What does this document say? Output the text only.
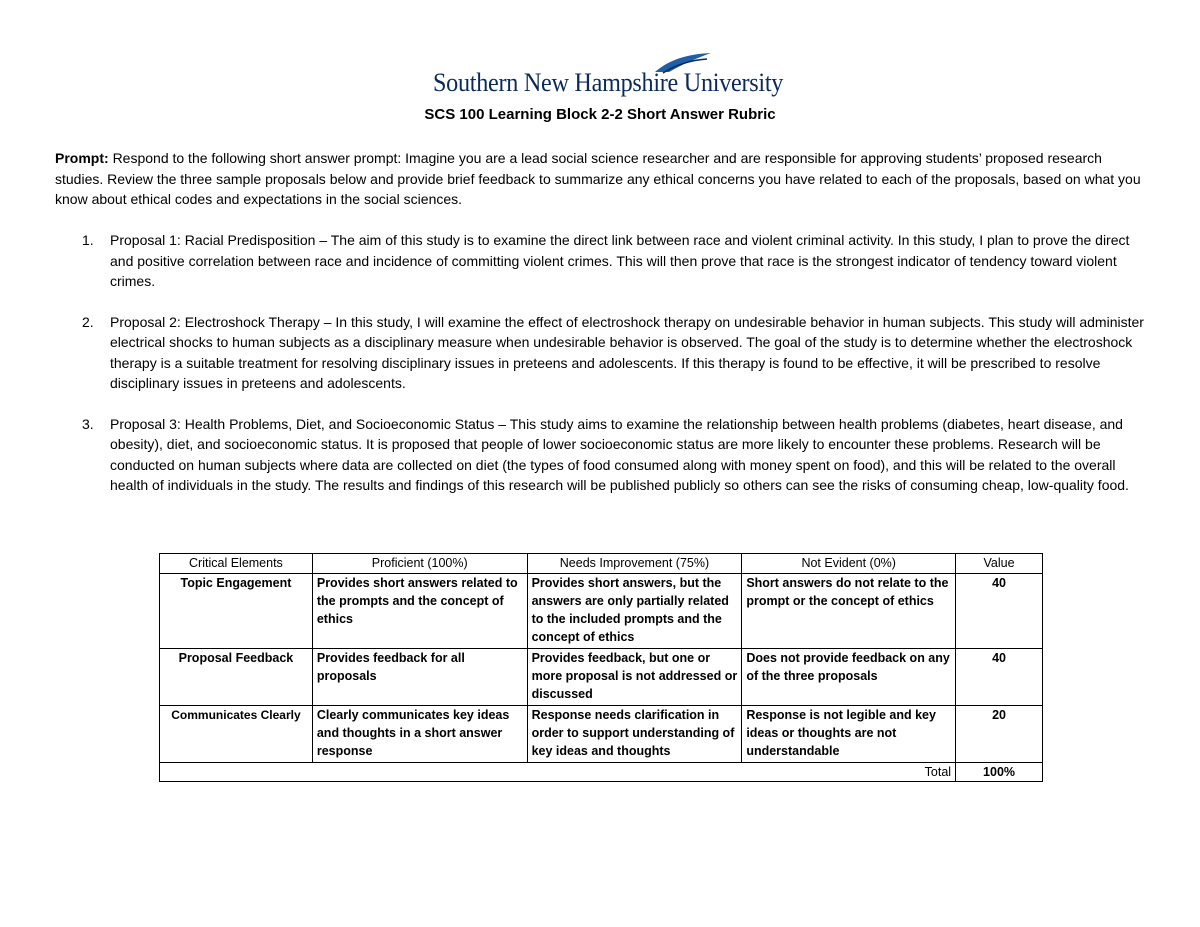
Southern New Hampshire University
SCS 100 Learning Block 2-2 Short Answer Rubric
Prompt: Respond to the following short answer prompt: Imagine you are a lead social science researcher and are responsible for approving students’ proposed research studies. Review the three sample proposals below and provide brief feedback to summarize any ethical concerns you have related to each of the proposals, based on what you know about ethical codes and expectations in the social sciences.
1. Proposal 1: Racial Predisposition – The aim of this study is to examine the direct link between race and violent criminal activity. In this study, I plan to prove the direct and positive correlation between race and incidence of committing violent crimes. This will then prove that race is the strongest indicator of tendency toward violent crimes.
2. Proposal 2: Electroshock Therapy – In this study, I will examine the effect of electroshock therapy on undesirable behavior in human subjects. This study will administer electrical shocks to human subjects as a disciplinary measure when undesirable behavior is observed. The goal of the study is to determine whether the electroshock therapy is a suitable treatment for resolving disciplinary issues in preteens and adolescents. If this therapy is found to be effective, it will be prescribed to resolve disciplinary issues in preteens and adolescents.
3. Proposal 3: Health Problems, Diet, and Socioeconomic Status – This study aims to examine the relationship between health problems (diabetes, heart disease, and obesity), diet, and socioeconomic status. It is proposed that people of lower socioeconomic status are more likely to encounter these problems. Research will be conducted on human subjects where data are collected on diet (the types of food consumed along with money spent on food), and this will be related to the overall health of individuals in the study. The results and findings of this research will be published publicly so others can see the risks of consuming cheap, low-quality food.
Critical Elements	Proficient (100%)	Needs Improvement (75%)	Not Evident (0%)	Value
Topic Engagement	Provides short answers related to the prompts and the concept of ethics	Provides short answers, but the answers are only partially related to the included prompts and the concept of ethics	Short answers do not relate to the prompt or the concept of ethics	40
Proposal Feedback	Provides feedback for all proposals	Provides feedback, but one or more proposal is not addressed or discussed	Does not provide feedback on any of the three proposals	40
Communicates Clearly	Clearly communicates key ideas and thoughts in a short answer response	Response needs clarification in order to support understanding of key ideas and thoughts	Response is not legible and key ideas or thoughts are not understandable	20
Total				100%
